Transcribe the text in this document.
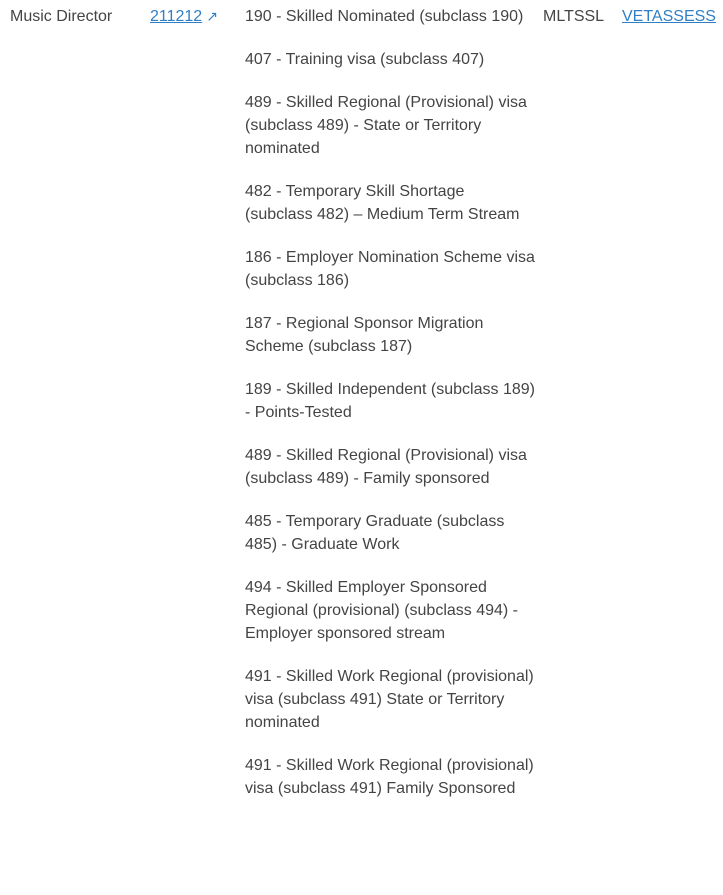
Music Director 211212 ↗ 190 - Skilled Nominated (subclass 190)
407 - Training visa (subclass 407)
489 - Skilled Regional (Provisional) visa (subclass 489) - State or Territory nominated
482 - Temporary Skill Shortage (subclass 482) – Medium Term Stream
186 - Employer Nomination Scheme visa (subclass 186)
187 - Regional Sponsor Migration Scheme (subclass 187)
189 - Skilled Independent (subclass 189) - Points-Tested
489 - Skilled Regional (Provisional) visa (subclass 489) - Family sponsored
485 - Temporary Graduate (subclass 485) - Graduate Work
494 - Skilled Employer Sponsored Regional (provisional) (subclass 494) - Employer sponsored stream
491 - Skilled Work Regional (provisional) visa (subclass 491) State or Territory nominated
491 - Skilled Work Regional (provisional) visa (subclass 491) Family Sponsored
MLTSSL VETASSESS
